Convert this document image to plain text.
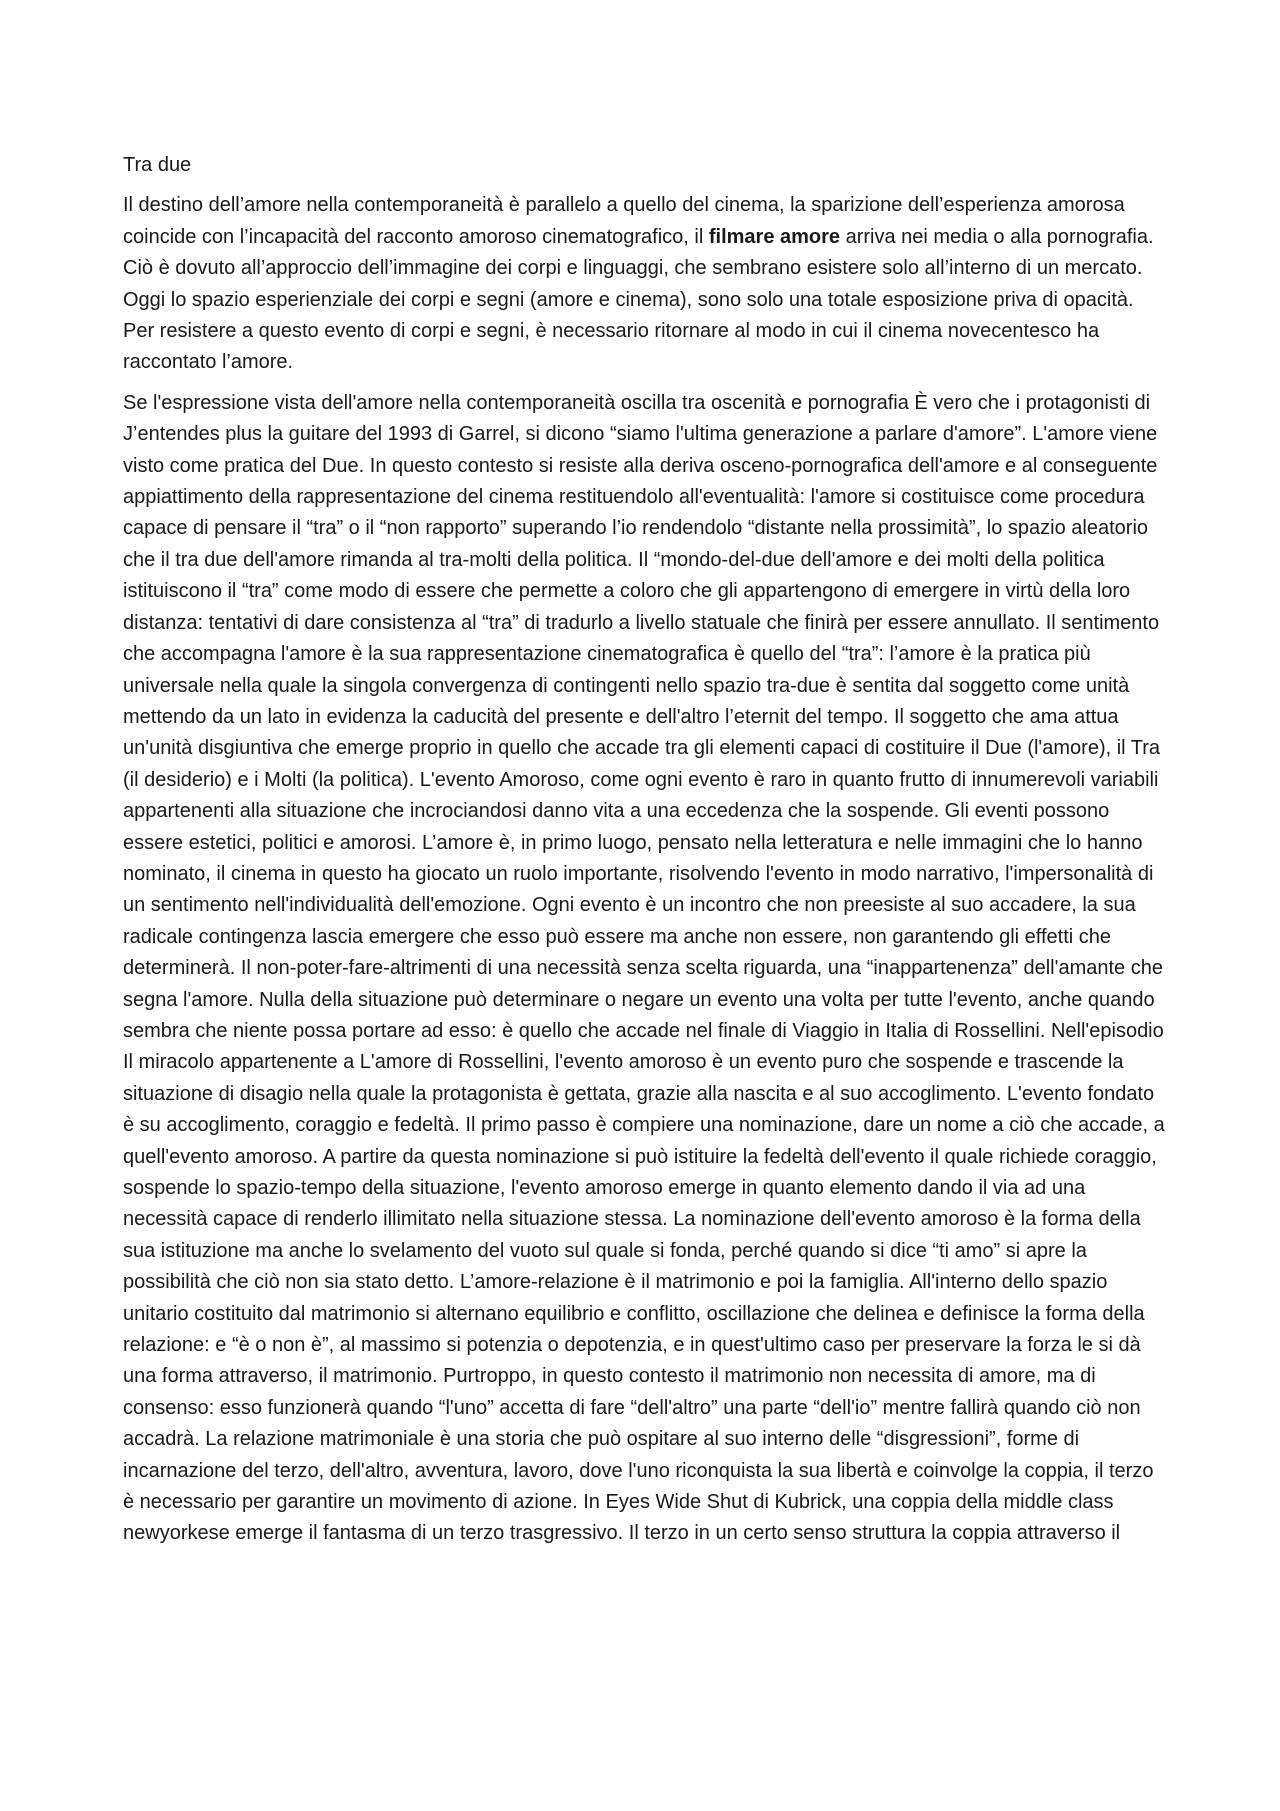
Tra due

Il destino dell’amore nella contemporaneità è parallelo a quello del cinema, la sparizione dell’esperienza amorosa coincide con l’incapacità del racconto amoroso cinematografico, il filmare amore arriva nei media o alla pornografia. Ciò è dovuto all’approccio dell’immagine dei corpi e linguaggi, che sembrano esistere solo all’interno di un mercato. Oggi lo spazio esperienziale dei corpi e segni (amore e cinema), sono solo una totale esposizione priva di opacità. Per resistere a questo evento di corpi e segni, è necessario ritornare al modo in cui il cinema novecentesco ha raccontato l’amore.

Se l'espressione vista dell'amore nella contemporaneità oscilla tra oscenità e pornografia È vero che i protagonisti di J’entendes plus la guitare del 1993 di Garrel, si dicono “siamo l'ultima generazione a parlare d'amore”. L'amore viene visto come pratica del Due. In questo contesto si resiste alla deriva osceno-pornografica dell'amore e al conseguente appiattimento della rappresentazione del cinema restituendolo all'eventualità: l'amore si costituisce come procedura capace di pensare il “tra” o il “non rapporto” superando l’io rendendolo “distante nella prossimità”, lo spazio aleatorio che il tra due dell'amore rimanda al tra-molti della politica. Il “mondo-del-due dell'amore e dei molti della politica istituiscono il “tra” come modo di essere che permette a coloro che gli appartengono di emergere in virtù della loro distanza: tentativi di dare consistenza al “tra” di tradurlo a livello statuale che finirà per essere annullato. Il sentimento che accompagna l'amore è la sua rappresentazione cinematografica è quello del “tra”: l’amore è la pratica più universale nella quale la singola convergenza di contingenti nello spazio tra-due è sentita dal soggetto come unità mettendo da un lato in evidenza la caducità del presente e dell'altro l’eternit del tempo. Il soggetto che ama attua un'unità disgiuntiva che emerge proprio in quello che accade tra gli elementi capaci di costituire il Due (l'amore), il Tra (il desiderio) e i Molti (la politica). L'evento Amoroso, come ogni evento è raro in quanto frutto di innumerevoli variabili appartenenti alla situazione che incrociandosi danno vita a una eccedenza che la sospende. Gli eventi possono essere estetici, politici e amorosi. L’amore è, in primo luogo, pensato nella letteratura e nelle immagini che lo hanno nominato, il cinema in questo ha giocato un ruolo importante, risolvendo l'evento in modo narrativo, l'impersonalità di un sentimento nell'individualità dell'emozione. Ogni evento è un incontro che non preesiste al suo accadere, la sua radicale contingenza lascia emergere che esso può essere ma anche non essere, non garantendo gli effetti che determinerà. Il non-poter-fare-altrimenti di una necessità senza scelta riguarda, una “inappartenenza” dell'amante che segna l'amore. Nulla della situazione può determinare o negare un evento una volta per tutte l'evento, anche quando sembra che niente possa portare ad esso: è quello che accade nel finale di Viaggio in Italia di Rossellini. Nell'episodio Il miracolo appartenente a L'amore di Rossellini, l'evento amoroso è un evento puro che sospende e trascende la situazione di disagio nella quale la protagonista è gettata, grazie alla nascita e al suo accoglimento. L'evento fondato è su accoglimento, coraggio e fedeltà. Il primo passo è compiere una nominazione, dare un nome a ciò che accade, a quell'evento amoroso. A partire da questa nominazione si può istituire la fedeltà dell'evento il quale richiede coraggio, sospende lo spazio-tempo della situazione, l'evento amoroso emerge in quanto elemento dando il via ad una necessità capace di renderlo illimitato nella situazione stessa. La nominazione dell'evento amoroso è la forma della sua istituzione ma anche lo svelamento del vuoto sul quale si fonda, perché quando si dice “ti amo” si apre la possibilità che ciò non sia stato detto. L’amore-relazione è il matrimonio e poi la famiglia. All'interno dello spazio unitario costituito dal matrimonio si alternano equilibrio e conflitto, oscillazione che delinea e definisce la forma della relazione: e “è o non è”, al massimo si potenzia o depotenzia, e in quest'ultimo caso per preservare la forza le si dà una forma attraverso, il matrimonio. Purtroppo, in questo contesto il matrimonio non necessita di amore, ma di consenso: esso funzionerà quando “l'uno” accetta di fare “dell'altro” una parte “dell'io” mentre fallirà quando ciò non accadrà. La relazione matrimoniale è una storia che può ospitare al suo interno delle “disgressioni”, forme di incarnazione del terzo, dell'altro, avventura, lavoro, dove l'uno riconquista la sua libertà e coinvolge la coppia, il terzo è necessario per garantire un movimento di azione. In Eyes Wide Shut di Kubrick, una coppia della middle class newyorkese emerge il fantasma di un terzo trasgressivo. Il terzo in un certo senso struttura la coppia attraverso il
